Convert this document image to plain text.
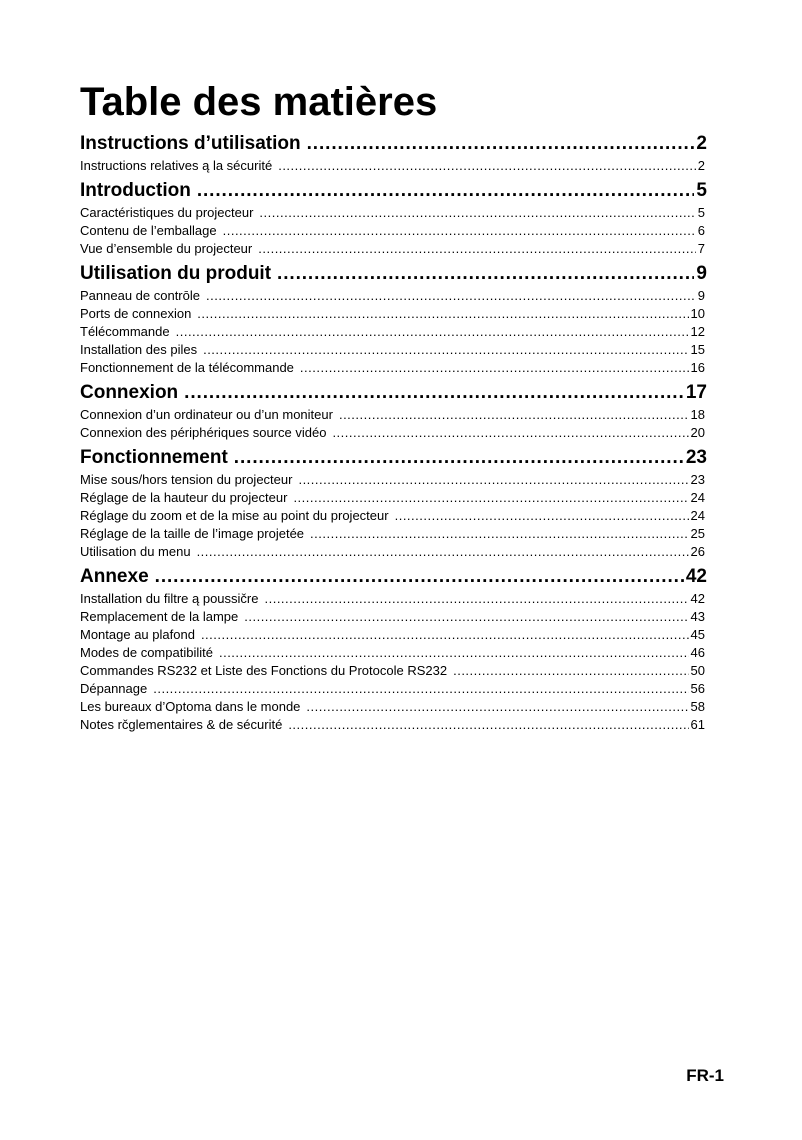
Table des matières
Instructions d’utilisation .....	2
Instructions relatives ą la sécurité .....	2
Introduction .....	5
Caractéristiques du projecteur .....	5
Contenu de l’emballage .....	6
Vue d’ensemble du projecteur .....	7
Utilisation du produit .....	9
Panneau de contrōle .....	9
Ports de connexion .....	10
Télécommande .....	12
Installation des piles .....	15
Fonctionnement de la télécommande .....	16
Connexion .....	17
Connexion d’un ordinateur ou d’un moniteur .....	18
Connexion des périphériques source vidéo .....	20
Fonctionnement .....	23
Mise sous/hors tension du projecteur .....	23
Réglage de la hauteur du projecteur .....	24
Réglage du zoom et de la mise au point du projecteur .....	24
Réglage de la taille de l’image projetée .....	25
Utilisation du menu .....	26
Annexe .....	42
Installation du filtre ą poussičre .....	42
Remplacement de la lampe .....	43
Montage au plafond .....	45
Modes de compatibilité .....	46
Commandes RS232 et Liste des Fonctions du Protocole RS232 .....	50
Dépannage .....	56
Les bureaux d’Optoma dans le monde .....	58
Notes rčglementaires & de sécurité .....	61
FR-1
